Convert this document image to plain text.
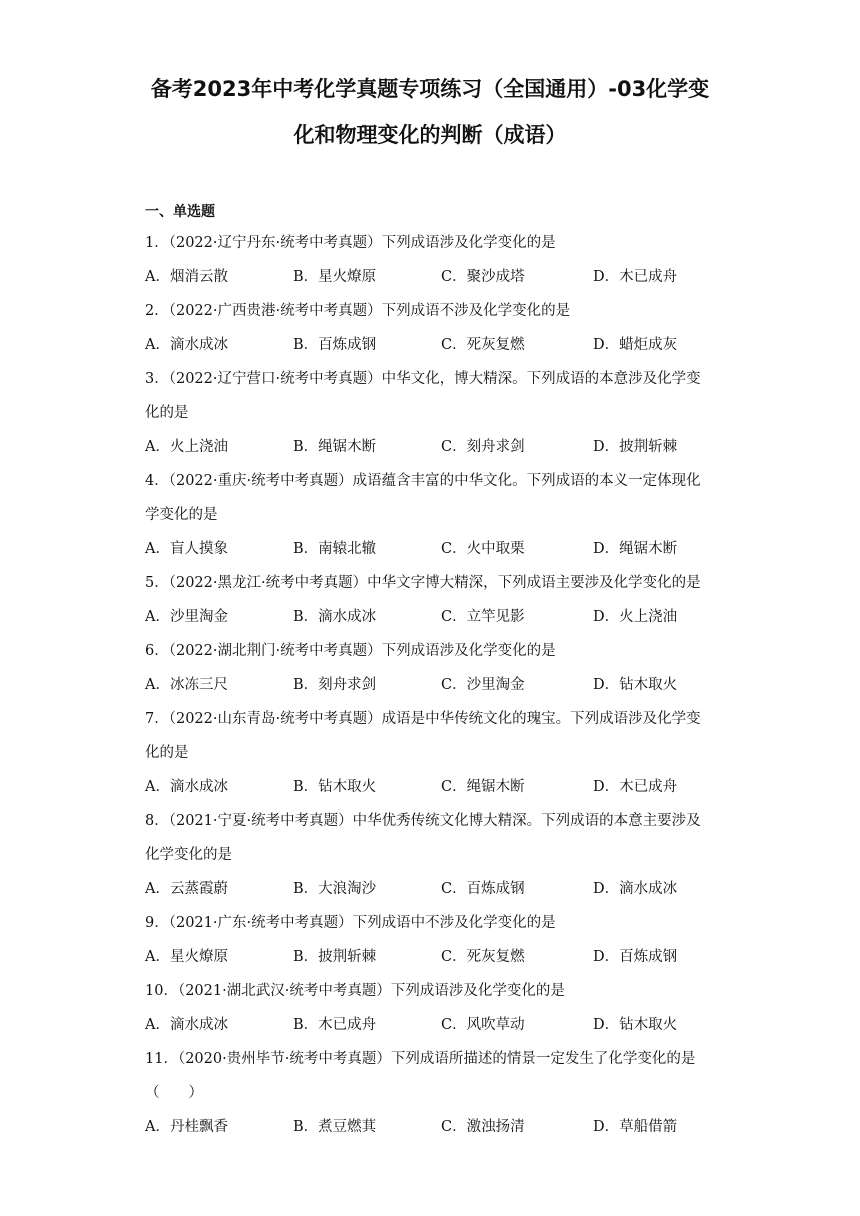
备考2023年中考化学真题专项练习（全国通用）-03化学变
化和物理变化的判断（成语）
一、单选题
1．（2022·辽宁丹东·统考中考真题）下列成语涉及化学变化的是
A．烟消云散	B．星火燎原	C．聚沙成塔	D．木已成舟
2．（2022·广西贵港·统考中考真题）下列成语不涉及化学变化的是
A．滴水成冰	B．百炼成钢	C．死灰复燃	D．蜡炬成灰
3．（2022·辽宁营口·统考中考真题）中华文化，博大精深。下列成语的本意涉及化学变
化的是
A．火上浇油	B．绳锯木断	C．刻舟求剑	D．披荆斩棘
4．（2022·重庆·统考中考真题）成语蕴含丰富的中华文化。下列成语的本义一定体现化
学变化的是
A．盲人摸象	B．南辕北辙	C．火中取栗	D．绳锯木断
5．（2022·黑龙江·统考中考真题）中华文字博大精深，下列成语主要涉及化学变化的是
A．沙里淘金	B．滴水成冰	C．立竿见影	D．火上浇油
6．（2022·湖北荆门·统考中考真题）下列成语涉及化学变化的是
A．冰冻三尺	B．刻舟求剑	C．沙里淘金	D．钻木取火
7．（2022·山东青岛·统考中考真题）成语是中华传统文化的瑰宝。下列成语涉及化学变
化的是
A．滴水成冰	B．钻木取火	C．绳锯木断	D．木已成舟
8．（2021·宁夏·统考中考真题）中华优秀传统文化博大精深。下列成语的本意主要涉及
化学变化的是
A．云蒸霞蔚	B．大浪淘沙	C．百炼成钢	D．滴水成冰
9．（2021·广东·统考中考真题）下列成语中不涉及化学变化的是
A．星火燎原	B．披荆斩棘	C．死灰复燃	D．百炼成钢
10．（2021·湖北武汉·统考中考真题）下列成语涉及化学变化的是
A．滴水成冰	B．木已成舟	C．风吹草动	D．钻木取火
11．（2020·贵州毕节·统考中考真题）下列成语所描述的情景一定发生了化学变化的是
（　　）
A．丹桂飘香	B．煮豆燃萁	C．激浊扬清	D．草船借箭
